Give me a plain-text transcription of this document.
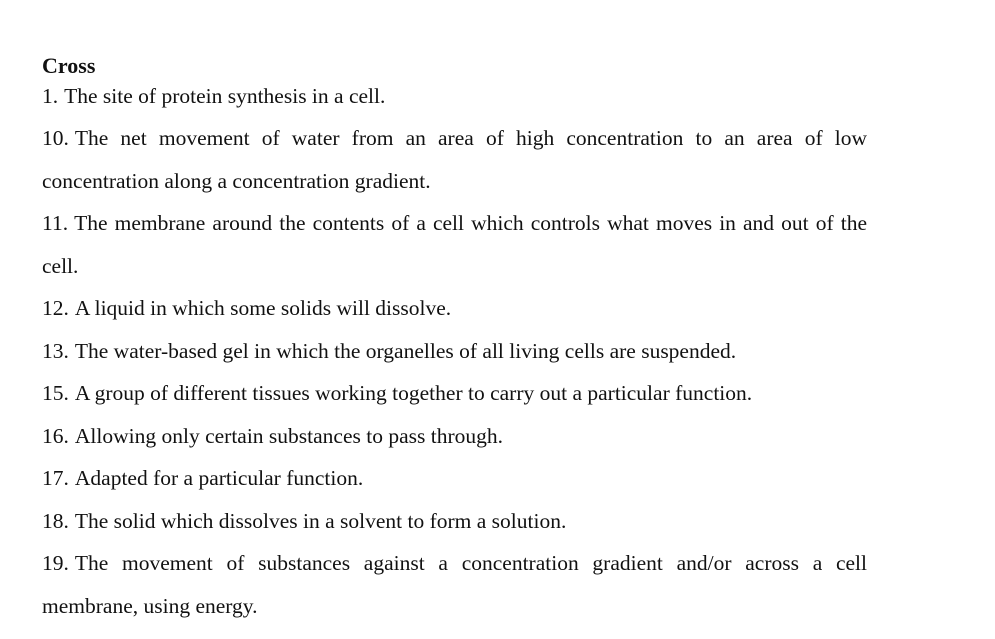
Cross
1. The site of protein synthesis in a cell.
10. The net movement of water from an area of high concentration to an area of low concentration along a concentration gradient.
11. The membrane around the contents of a cell which controls what moves in and out of the cell.
12. A liquid in which some solids will dissolve.
13. The water-based gel in which the organelles of all living cells are suspended.
15. A group of different tissues working together to carry out a particular function.
16. Allowing only certain substances to pass through.
17. Adapted for a particular function.
18. The solid which dissolves in a solvent to form a solution.
19. The movement of substances against a concentration gradient and/or across a cell membrane, using energy.
